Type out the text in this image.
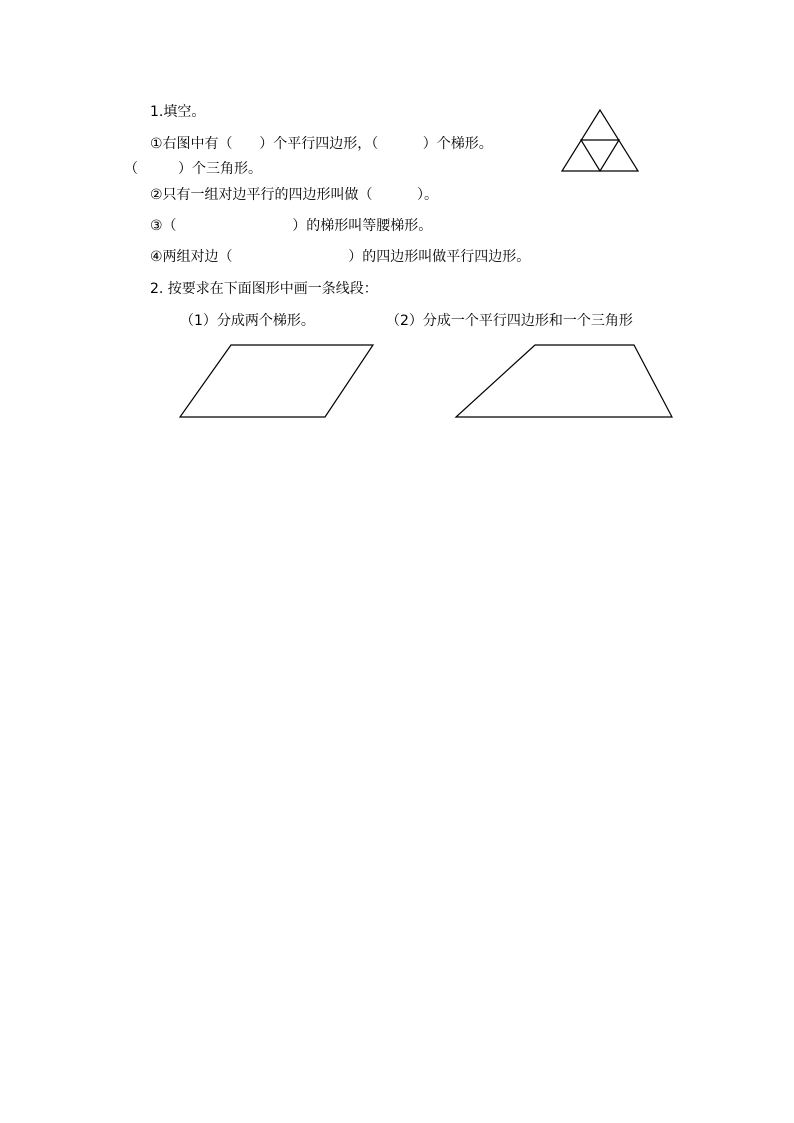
1.填空。
①右图中有（      ）个平行四边形，（          ）个梯形。
（         ）个三角形。
②只有一组对边平行的四边形叫做（          ）。
③（                          ）的梯形叫等腰梯形。
④两组对边（                          ）的四边形叫做平行四边形。
2. 按要求在下面图形中画一条线段：
（1）分成两个梯形。	（2）分成一个平行四边形和一个三角形
